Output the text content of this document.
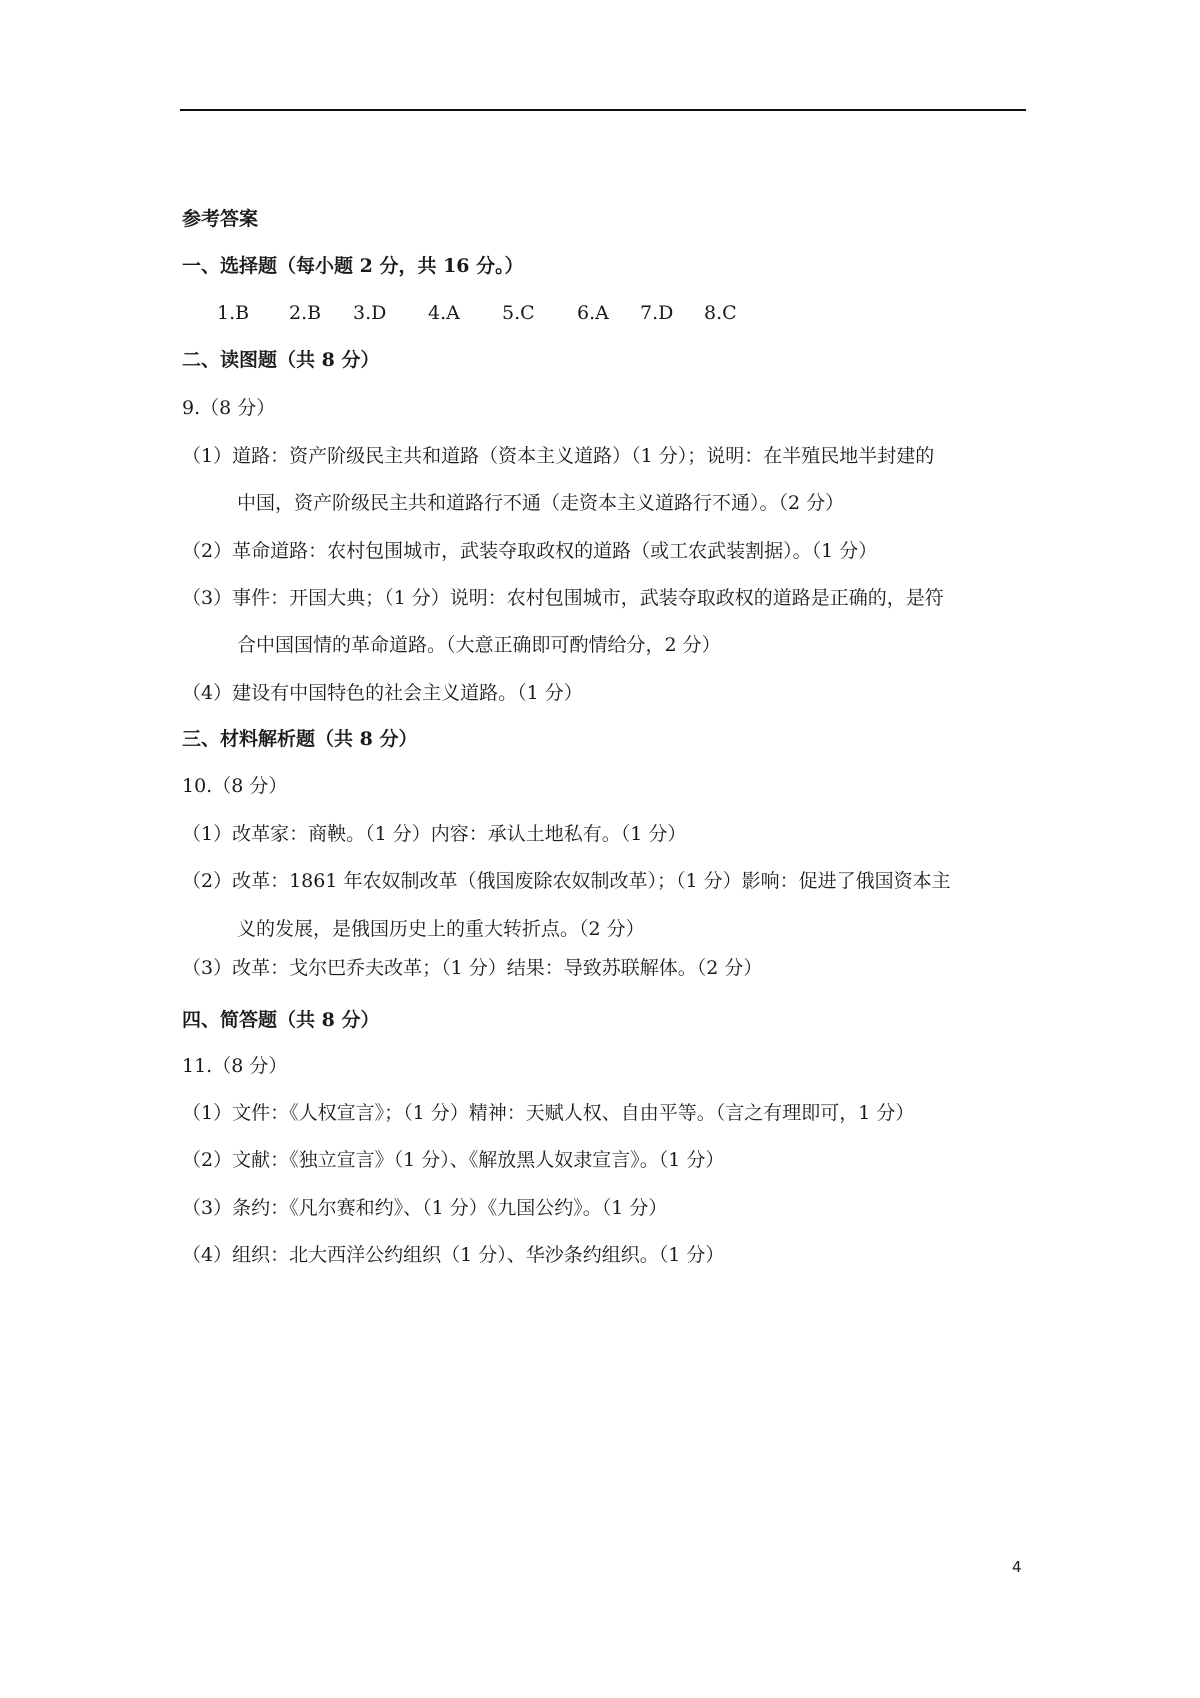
参考答案
一、选择题（每小题 2 分，共 16 分。）
1.B 2.B 3.D 4.A 5.C 6.A 7.D 8.C
二、读图题（共 8 分）
9.（8 分）
（1）道路：资产阶级民主共和道路（资本主义道路）（1 分）；说明：在半殖民地半封建的
中国，资产阶级民主共和道路行不通（走资本主义道路行不通）。（2 分）
（2）革命道路：农村包围城市，武装夺取政权的道路（或工农武装割据）。（1 分）
（3）事件：开国大典；（1 分）说明：农村包围城市，武装夺取政权的道路是正确的，是符
合中国国情的革命道路。（大意正确即可酌情给分，2 分）
（4）建设有中国特色的社会主义道路。（1 分）
三、材料解析题（共 8 分）
10.（8 分）
（1）改革家：商鞅。（1 分）内容：承认土地私有。（1 分）
（2）改革：1861 年农奴制改革（俄国废除农奴制改革）；（1 分）影响：促进了俄国资本主
义的发展，是俄国历史上的重大转折点。（2 分）
（3）改革：戈尔巴乔夫改革；（1 分）结果：导致苏联解体。（2 分）
四、简答题（共 8 分）
11.（8 分）
（1）文件：《人权宣言》；（1 分）精神：天赋人权、自由平等。（言之有理即可，1 分）
（2）文献：《独立宣言》（1 分）、《解放黑人奴隶宣言》。（1 分）
（3）条约：《凡尔赛和约》、（1 分）《九国公约》。（1 分）
（4）组织：北大西洋公约组织（1 分）、华沙条约组织。（1 分）
4
